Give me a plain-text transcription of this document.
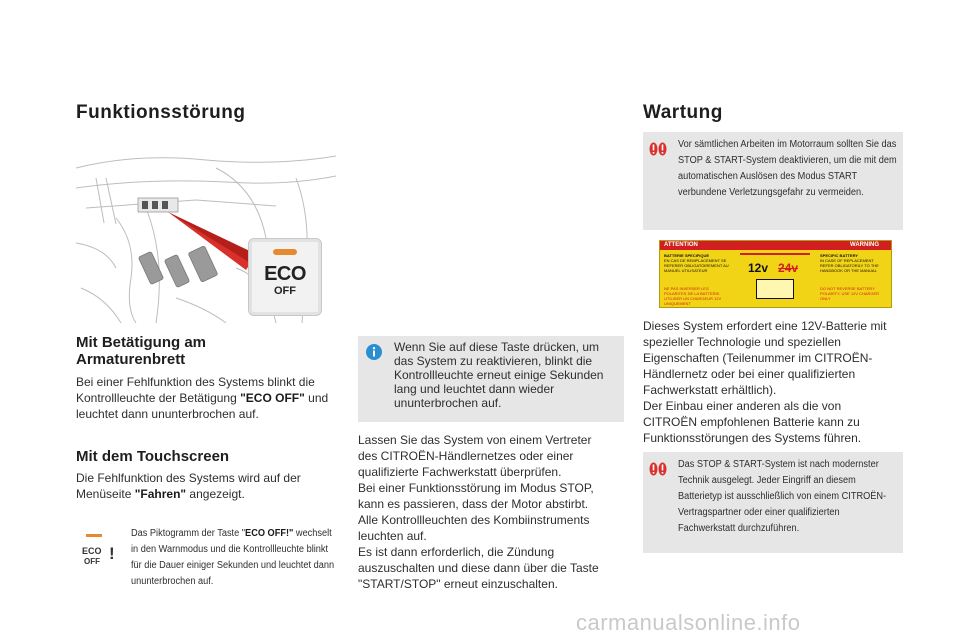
Funktionsstörung
ECO
OFF
Mit Betätigung am Armaturenbrett
Bei einer Fehlfunktion des Systems blinkt die Kontrollleuchte der Betätigung "ECO OFF" und leuchtet dann ununterbrochen auf.
Mit dem Touchscreen
Die Fehlfunktion des Systems wird auf der Menüseite "Fahren" angezeigt.
ECO
OFF !
Das Piktogramm der Taste "ECO OFF!" wechselt in den Warnmodus und die Kontrollleuchte blinkt für die Dauer einiger Sekunden und leuchtet dann ununterbrochen auf.
Wenn Sie auf diese Taste drücken, um das System zu reaktivieren, blinkt die Kontrollleuchte erneut einige Sekunden lang und leuchtet dann wieder ununterbrochen auf.
Lassen Sie das System von einem Vertreter des CITROËN-Händlernetzes oder einer qualifizierte Fachwerkstatt überprüfen.
Bei einer Funktionsstörung im Modus STOP, kann es passieren, dass der Motor abstirbt. Alle Kontrollleuchten des Kombiinstruments leuchten auf.
Es ist dann erforderlich, die Zündung auszuschalten und diese dann über die Taste "START/STOP" erneut einzuschalten.
Wartung
Vor sämtlichen Arbeiten im Motorraum sollten Sie das STOP & START-System deaktivieren, um die mit dem automatischen Auslösen des Modus START verbundene Verletzungsgefahr zu vermeiden.
ATTENTION	WARNING
BATTERIE SPECIFIQUE
EN CAS DE REMPLACEMENT SE REFERER OBLIGATOIREMENT AU MANUEL UTILISATEUR
NE PAS INVERSER LES POLARITES DE LA BATTERIE. UTILISER UN CHARGEUR 12V UNIQUEMENT
SPECIFIC BATTERY
IN CASE OF REPLACEMENT REFER OBLIGATORILY TO THE HANDBOOK OR THE MANUAL
DO NOT REVERSE BATTERY POLARITY. USE 12V CHARGER ONLY
12v 24v
Dieses System erfordert eine 12V-Batterie mit spezieller Technologie und speziellen Eigenschaften (Teilenummer im CITROËN-Händlernetz oder bei einer qualifizierten Fachwerkstatt erhältlich).
Der Einbau einer anderen als die von CITROËN empfohlenen Batterie kann zu Funktionsstörungen des Systems führen.
Das STOP & START-System ist nach modernster Technik ausgelegt. Jeder Eingriff an diesem Batterietyp ist ausschließlich von einem CITROËN-Vertragspartner oder einer qualifizierten Fachwerkstatt durchzuführen.
carmanualsonline.info
